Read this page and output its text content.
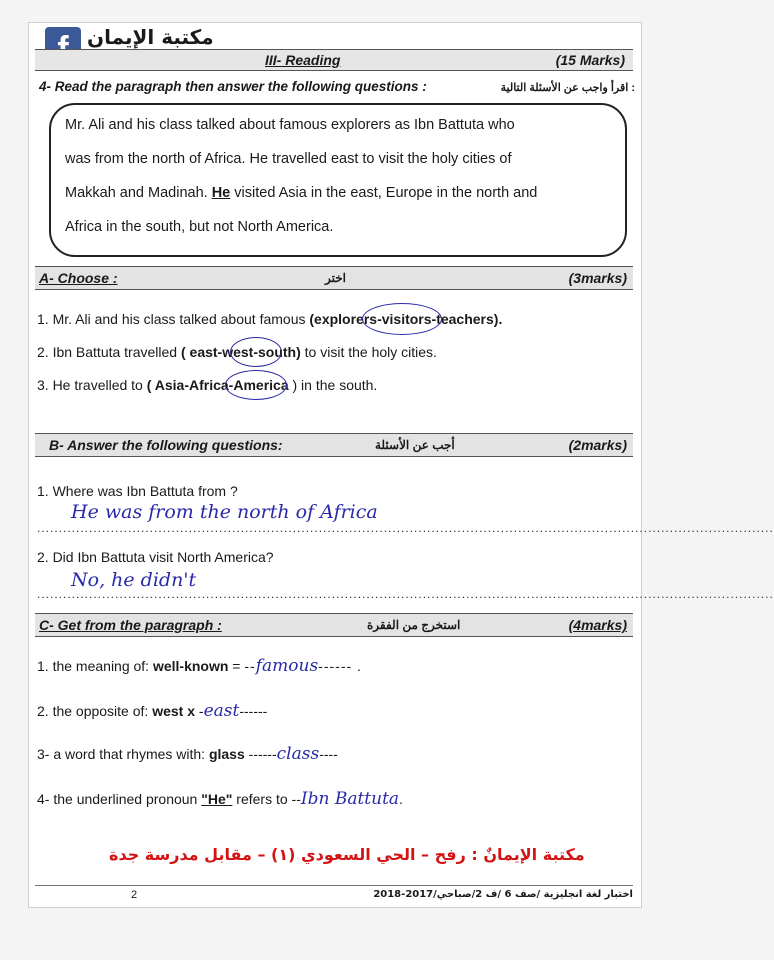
مكتبة الإيمان
III- Reading	(15 Marks)
4- Read the paragraph then answer the following questions :	اقرأ واجب عن الأسئلة التالية :

Mr. Ali and his class talked about famous explorers as Ibn Battuta who

was from the north of Africa. He travelled east to visit the holy cities of

Makkah and Madinah. He visited Asia in the east, Europe in the north and

Africa in the south, but not North America.

A- Choose :	اختر	(3marks)
1. Mr. Ali and his class talked about famous (explorers-visitors-teachers).
2. Ibn Battuta travelled ( east-west-south) to visit the holy cities.
3. He travelled to ( Asia-Africa-America ) in the south.
B- Answer the following questions:	أجب عن الأسئلة	(2marks)
1. Where was Ibn Battuta from ?
..........................................................................................................................................................................
He was from the north of Africa
2. Did Ibn Battuta visit North America?
..........................................................................................................................................................................
No, he didn't
C- Get from the paragraph :	استخرج من الفقرة	(4marks)
1. the meaning of: well-known = --famous------ .
2. the opposite of: west x -east------
3- a word that rhymes with: glass ------class----
4- the underlined pronoun "He" refers to --Ibn Battuta.
مكتبة الإيمانٌ : رفح – الحي السعودي (١) – مقابل مدرسة جدة
2	اختبار لغة انجليزية /صف 6 /ف 2/صباحي/2017-2018
